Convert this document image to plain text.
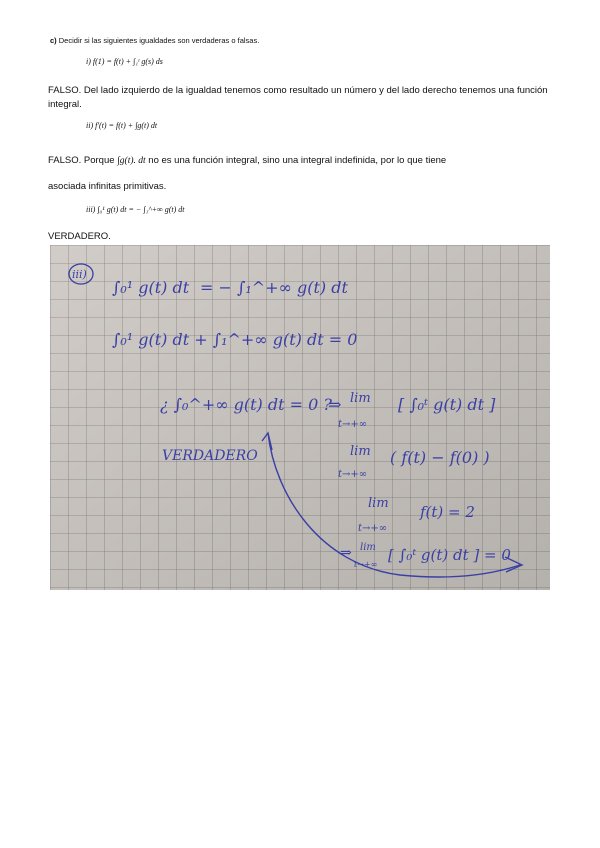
c) Decidir si las siguientes igualdades son verdaderas o falsas.
i) f(1) = f(t) + ∫₁ᵗ g(s) ds
FALSO. Del lado izquierdo de la igualdad tenemos como resultado un número y del lado derecho tenemos una función integral.
ii) f'(t) = f(t) + ∫g(t) dt
FALSO. Porque ∫g(t). dt no es una función integral, sino una integral indefinida, por lo que tiene
asociada infinitas primitivas.
iii) ∫₀¹ g(t) dt = − ∫₁^+∞ g(t) dt
VERDADERO.
iii)
∫₀¹ g(t) dt = − ∫₁^+∞ g(t) dt
∫₀¹ g(t) dt + ∫₁^+∞ g(t) dt = 0
¿ ∫₀^+∞ g(t) dt = 0 ?
⇒ lim
t→+∞
[ ∫₀ᵗ g(t) dt ]
lim
t→+∞
( f(t) − f(0) )
lim
t→+∞
f(t) = 2
⇒ lim
t→+∞
[ ∫₀ᵗ g(t) dt ] = 0
VERDADERO
